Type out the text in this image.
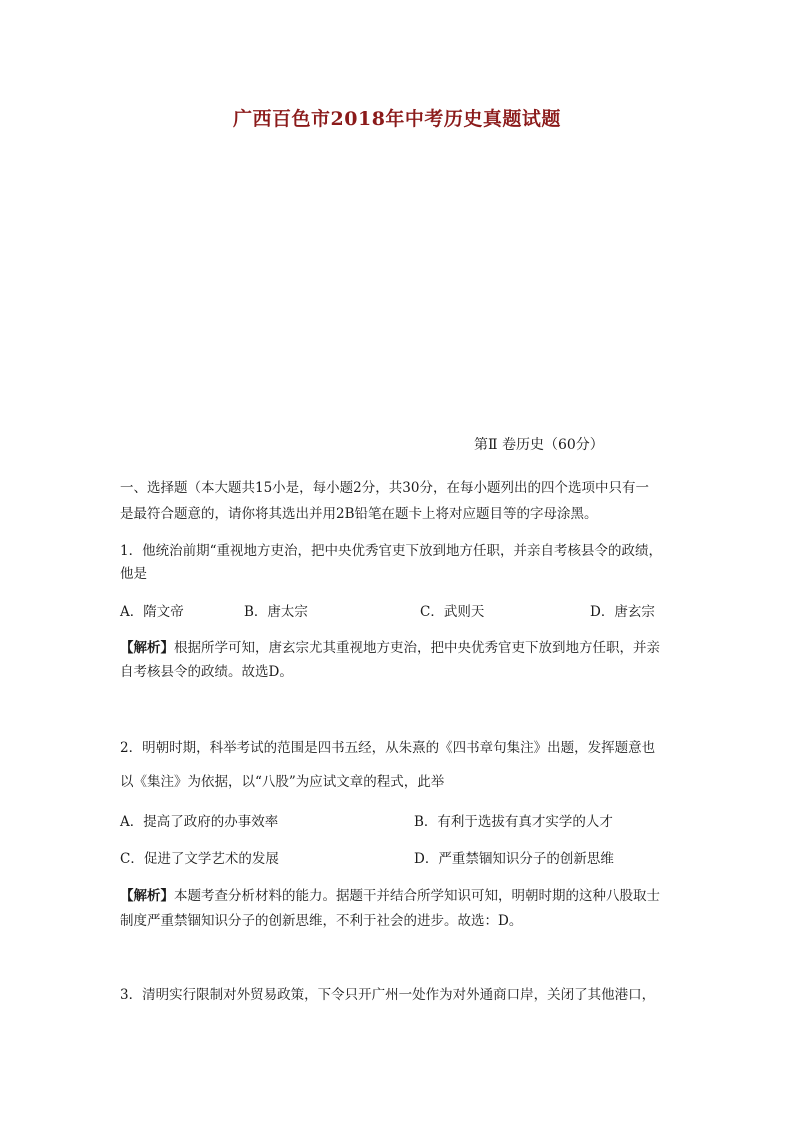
广西百色市2018年中考历史真题试题
第Ⅱ 卷历史（60分）
一、选择题（本大题共15小是，每小题2分，共30分，在每小题列出的四个选项中只有一
是最符合题意的，请你将其选出并用2B铅笔在题卡上将对应题目等的字母涂黑。
1．他统治前期“重视地方吏治，把中央优秀官吏下放到地方任职，并亲自考核县令的政绩，
他是
A．隋文帝	B．唐太宗	C．武则天	D．唐玄宗
【解析】根据所学可知，唐玄宗尤其重视地方吏治，把中央优秀官吏下放到地方任职，并亲
自考核县令的政绩。故选D。
2．明朝时期，科举考试的范围是四书五经，从朱熹的《四书章句集注》出题，发挥题意也
以《集注》为依据，以“八股”为应试文章的程式，此举
A．提高了政府的办事效率	B．有利于选拔有真才实学的人才
C．促进了文学艺术的发展	D．严重禁锢知识分子的创新思维
【解析】本题考查分析材料的能力。据题干并结合所学知识可知，明朝时期的这种八股取士
制度严重禁锢知识分子的创新思维，不利于社会的进步。故选：D。
3．清明实行限制对外贸易政策，下令只开广州一处作为对外通商口岸，关闭了其他港口，
